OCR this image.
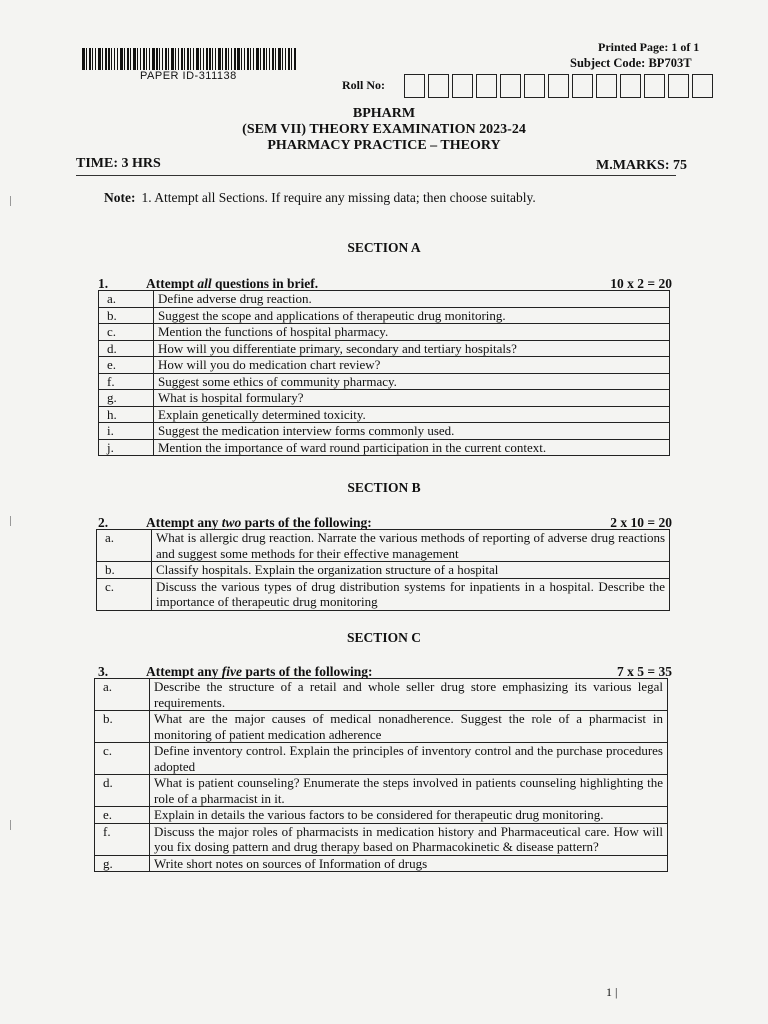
PAPER ID-311138
Printed Page: 1 of 1
Subject Code: BP703T
Roll No:
BPHARM
(SEM VII) THEORY EXAMINATION 2023-24
PHARMACY PRACTICE – THEORY
TIME: 3 HRS	M.MARKS: 75
Note: 1. Attempt all Sections. If require any missing data; then choose suitably.
SECTION A
1.	Attempt all questions in brief.	10 x 2 = 20
a.	Define adverse drug reaction.
b.	Suggest the scope and applications of therapeutic drug monitoring.
c.	Mention the functions of hospital pharmacy.
d.	How will you differentiate primary, secondary and tertiary hospitals?
e.	How will you do medication chart review?
f.	Suggest some ethics of community pharmacy.
g.	What is hospital formulary?
h.	Explain genetically determined toxicity.
i.	Suggest the medication interview forms commonly used.
j.	Mention the importance of ward round participation in the current context.
SECTION B
2.	Attempt any two parts of the following:	2 x 10 = 20
a.	What is allergic drug reaction. Narrate the various methods of reporting of adverse drug reactions and suggest some methods for their effective management
b.	Classify hospitals. Explain the organization structure of a hospital
c.	Discuss the various types of drug distribution systems for inpatients in a hospital. Describe the importance of therapeutic drug monitoring
SECTION C
3.	Attempt any five parts of the following:	7 x 5 = 35
a.	Describe the structure of a retail and whole seller drug store emphasizing its various legal requirements.
b.	What are the major causes of medical nonadherence. Suggest the role of a pharmacist in monitoring of patient medication adherence
c.	Define inventory control. Explain the principles of inventory control and the purchase procedures adopted
d.	What is patient counseling? Enumerate the steps involved in patients counseling highlighting the role of a pharmacist in it.
e.	Explain in details the various factors to be considered for therapeutic drug monitoring.
f.	Discuss the major roles of pharmacists in medication history and Pharmaceutical care. How will you fix dosing pattern and drug therapy based on Pharmacokinetic & disease pattern?
g.	Write short notes on sources of Information of drugs
1 |
